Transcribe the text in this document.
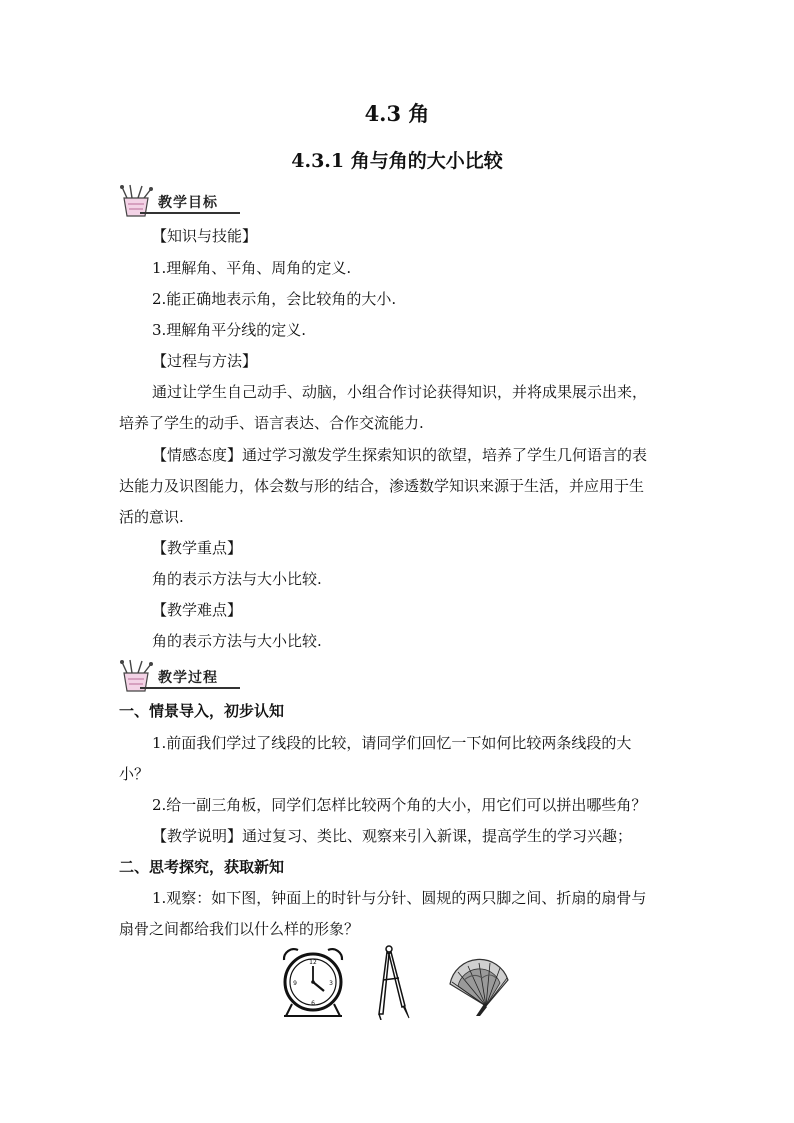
4.3 角
4.3.1 角与角的大小比较
教学目标
【知识与技能】
1.理解角、平角、周角的定义.
2.能正确地表示角，会比较角的大小.
3.理解角平分线的定义.
【过程与方法】
通过让学生自己动手、动脑，小组合作讨论获得知识，并将成果展示出来，
培养了学生的动手、语言表达、合作交流能力.
【情感态度】通过学习激发学生探索知识的欲望，培养了学生几何语言的表
达能力及识图能力，体会数与形的结合，渗透数学知识来源于生活，并应用于生
活的意识.
【教学重点】
角的表示方法与大小比较.
【教学难点】
角的表示方法与大小比较.
教学过程
一、情景导入，初步认知
1.前面我们学过了线段的比较，请同学们回忆一下如何比较两条线段的大
小？
2.给一副三角板，同学们怎样比较两个角的大小，用它们可以拼出哪些角？
【教学说明】通过复习、类比、观察来引入新课，提高学生的学习兴趣；
二、思考探究，获取新知
1.观察：如下图，钟面上的时针与分针、圆规的两只脚之间、折扇的扇骨与
扇骨之间都给我们以什么样的形象？
12
3
6
9
